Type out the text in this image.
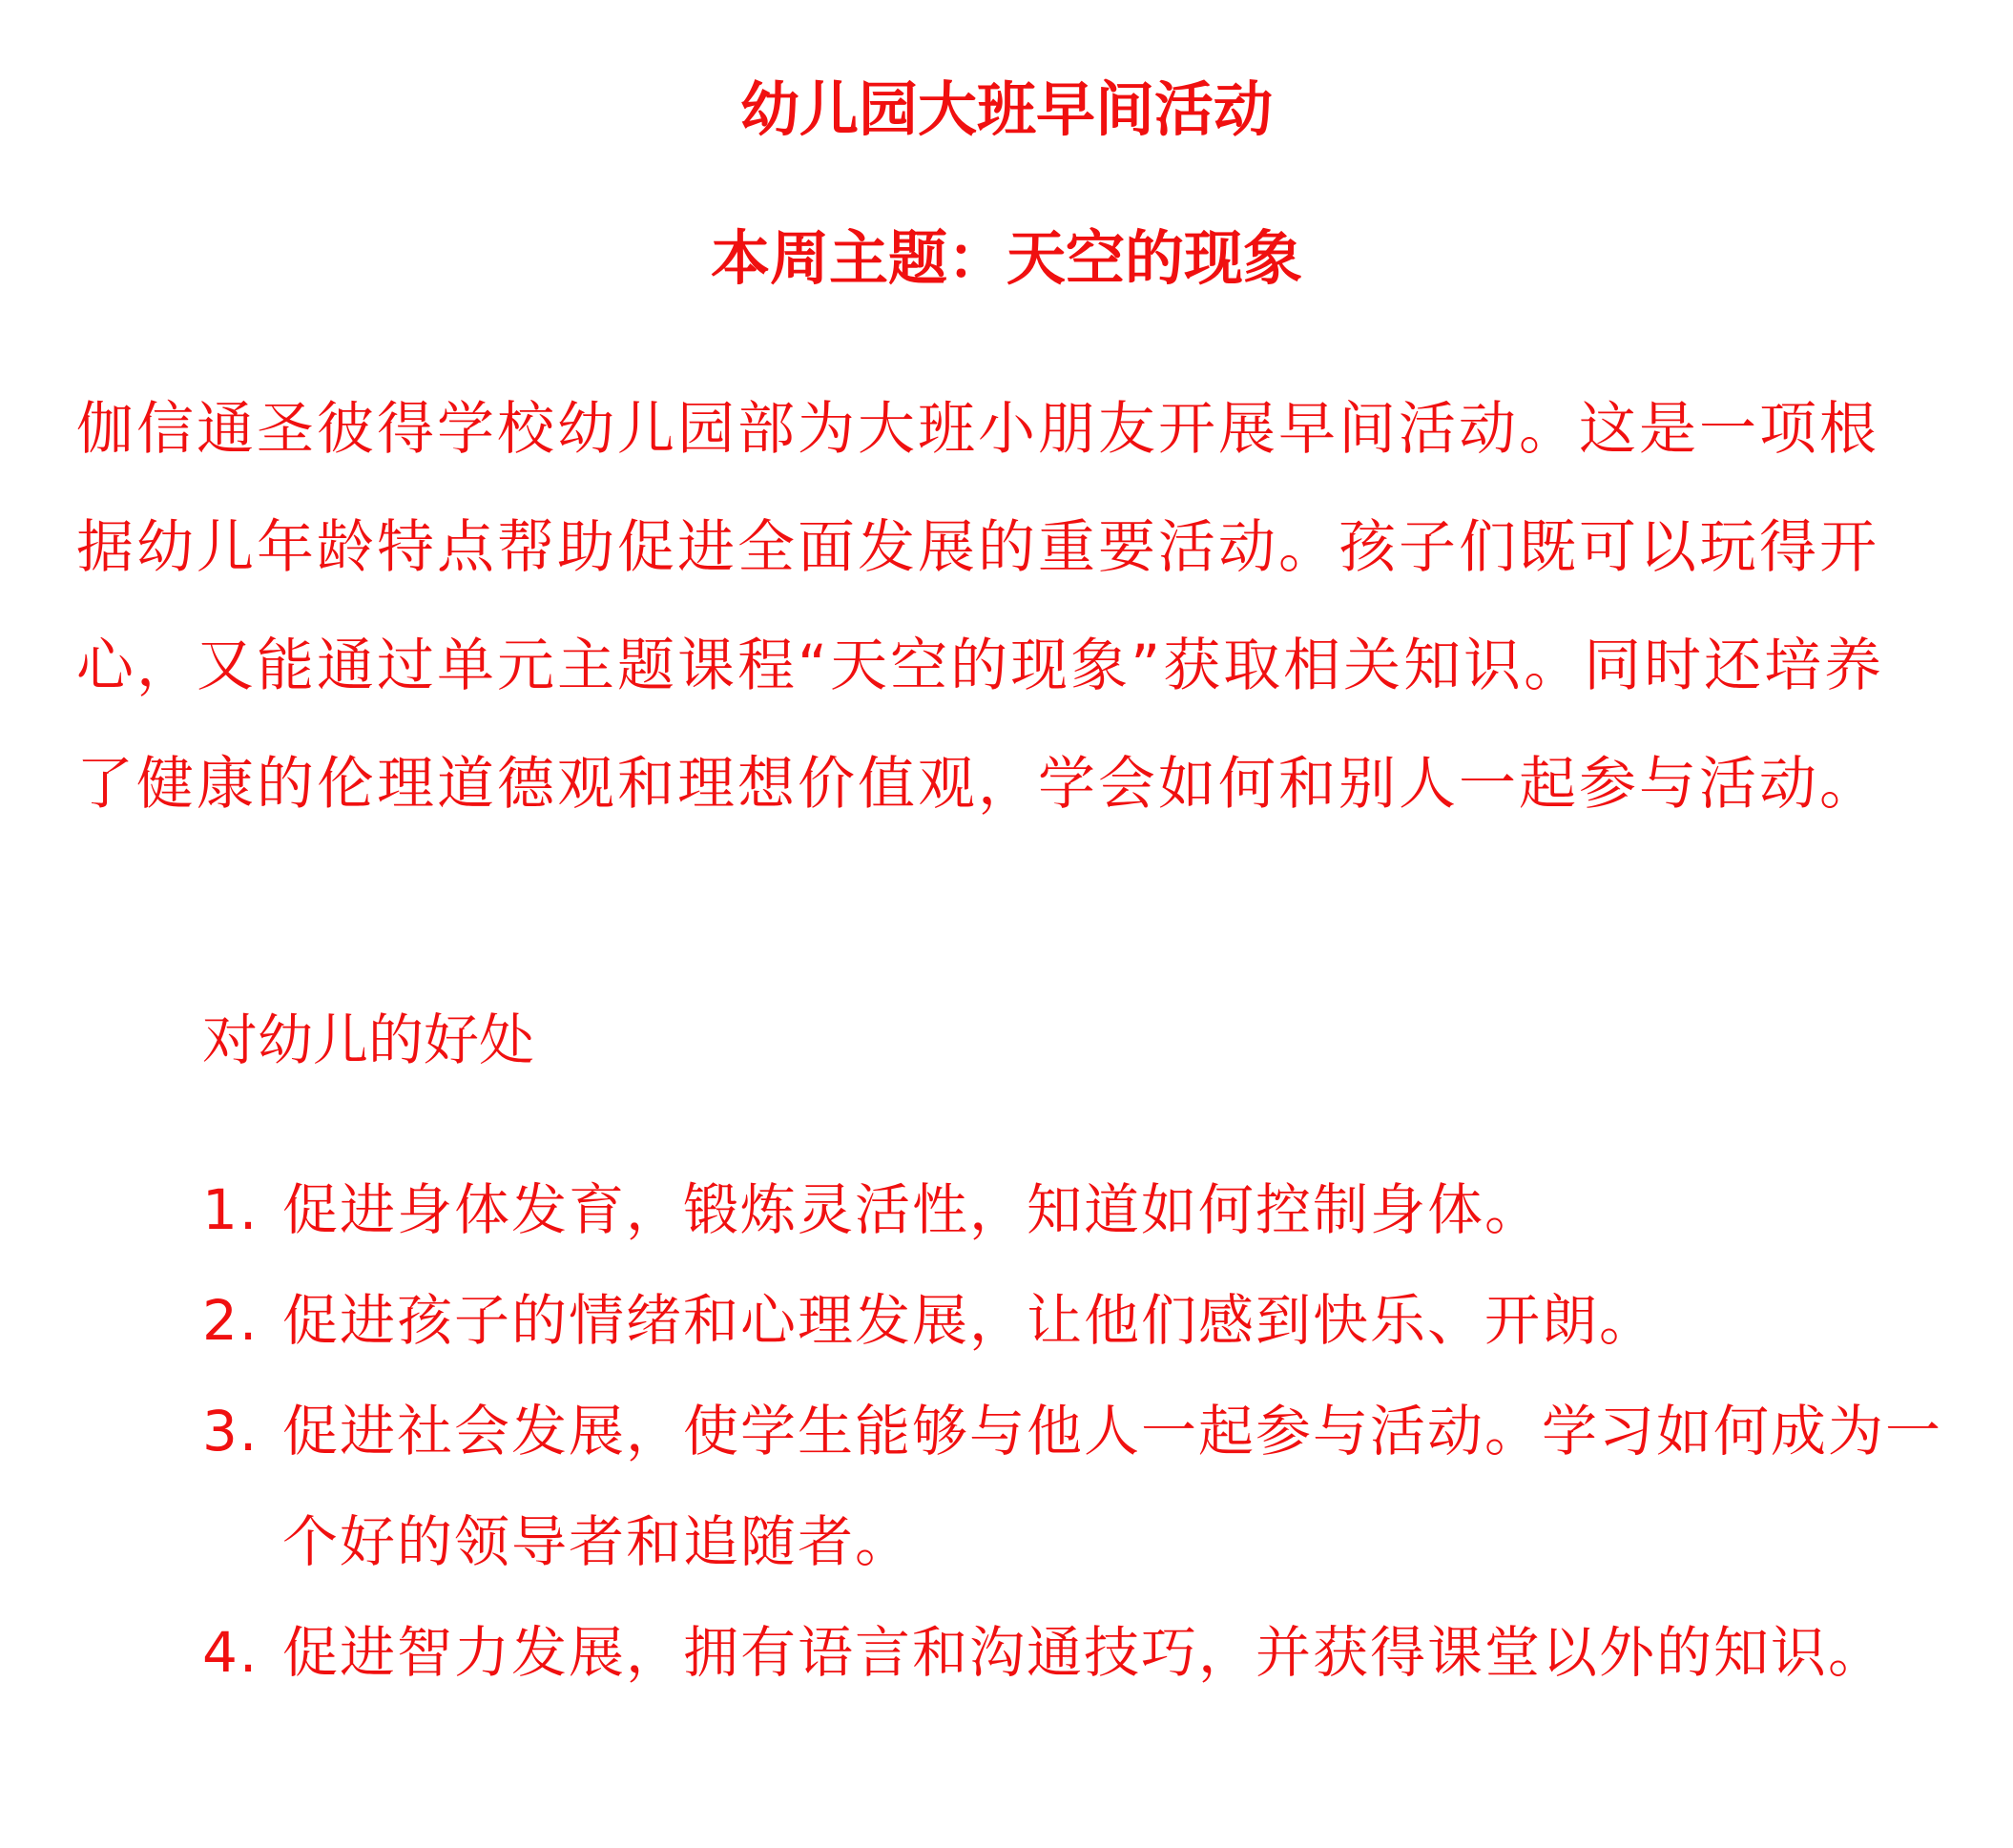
幼儿园大班早间活动
本周主题：天空的现象

伽信通圣彼得学校幼儿园部为大班小朋友开展早间活动。这是一项根据幼儿年龄特点帮助促进全面发展的重要活动。孩子们既可以玩得开心，又能通过单元主题课程“天空的现象”获取相关知识。同时还培养了健康的伦理道德观和理想价值观，学会如何和别人一起参与活动。

对幼儿的好处

1. 促进身体发育，锻炼灵活性，知道如何控制身体。
2. 促进孩子的情绪和心理发展，让他们感到快乐、开朗。
3. 促进社会发展，使学生能够与他人一起参与活动。学习如何成为一个好的领导者和追随者。
4. 促进智力发展，拥有语言和沟通技巧，并获得课堂以外的知识。
